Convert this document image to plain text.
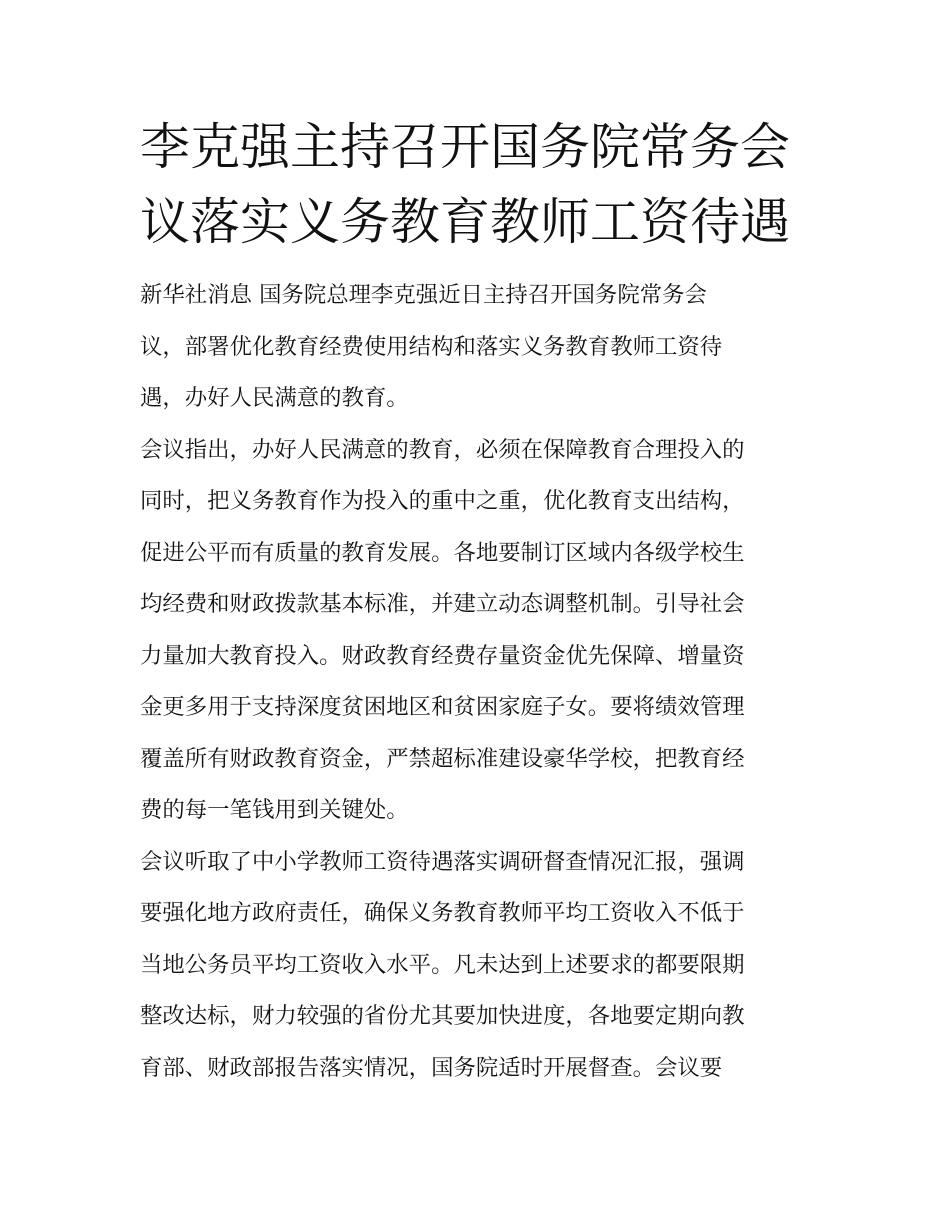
李克强主持召开国务院常务会
议落实义务教育教师工资待遇
新华社消息 国务院总理李克强近日主持召开国务院常务会
议，部署优化教育经费使用结构和落实义务教育教师工资待
遇，办好人民满意的教育。
会议指出，办好人民满意的教育，必须在保障教育合理投入的
同时，把义务教育作为投入的重中之重，优化教育支出结构，
促进公平而有质量的教育发展。各地要制订区域内各级学校生
均经费和财政拨款基本标准，并建立动态调整机制。引导社会
力量加大教育投入。财政教育经费存量资金优先保障、增量资
金更多用于支持深度贫困地区和贫困家庭子女。要将绩效管理
覆盖所有财政教育资金，严禁超标准建设豪华学校，把教育经
费的每一笔钱用到关键处。
会议听取了中小学教师工资待遇落实调研督查情况汇报，强调
要强化地方政府责任，确保义务教育教师平均工资收入不低于
当地公务员平均工资收入水平。凡未达到上述要求的都要限期
整改达标，财力较强的省份尤其要加快进度，各地要定期向教
育部、财政部报告落实情况，国务院适时开展督查。会议要
